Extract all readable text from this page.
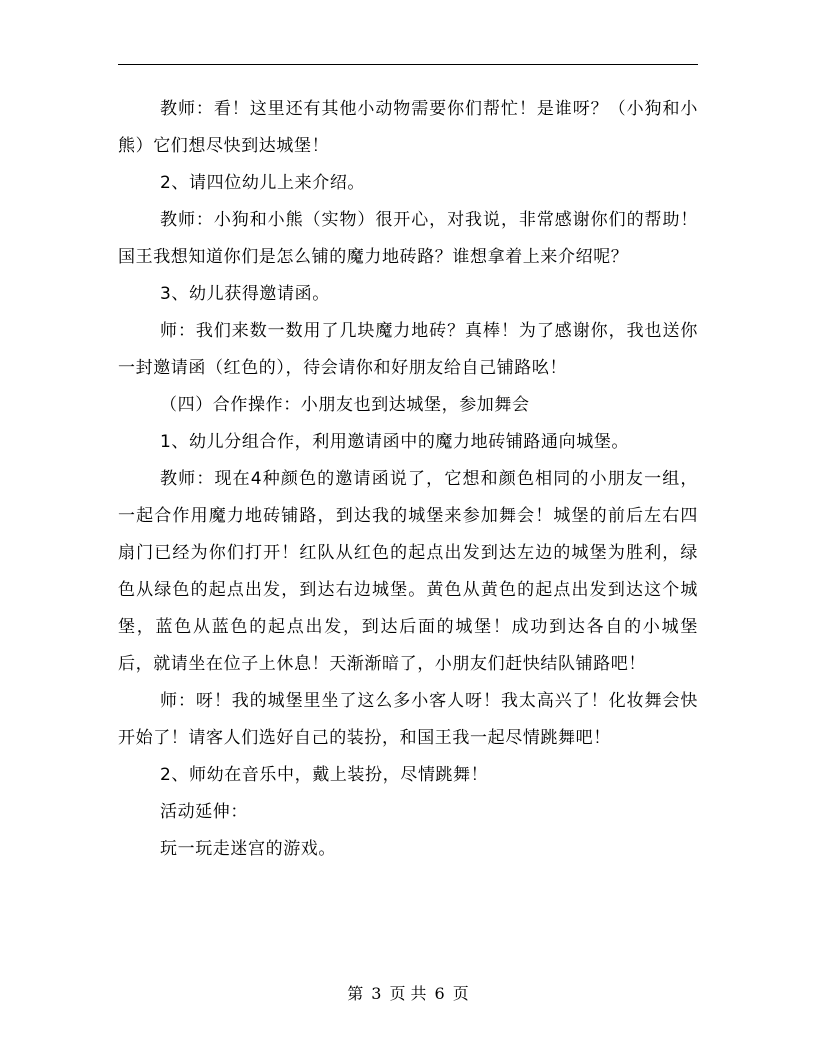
教师：看！这里还有其他小动物需要你们帮忙！是谁呀？（小狗和小熊）它们想尽快到达城堡！

2、请四位幼儿上来介绍。

教师：小狗和小熊（实物）很开心，对我说，非常感谢你们的帮助！国王我想知道你们是怎么铺的魔力地砖路？谁想拿着上来介绍呢？

3、幼儿获得邀请函。

师：我们来数一数用了几块魔力地砖？真棒！为了感谢你，我也送你一封邀请函（红色的），待会请你和好朋友给自己铺路吆！

（四）合作操作：小朋友也到达城堡，参加舞会

1、幼儿分组合作，利用邀请函中的魔力地砖铺路通向城堡。

教师：现在4种颜色的邀请函说了，它想和颜色相同的小朋友一组，一起合作用魔力地砖铺路，到达我的城堡来参加舞会！城堡的前后左右四扇门已经为你们打开！红队从红色的起点出发到达左边的城堡为胜利，绿色从绿色的起点出发，到达右边城堡。黄色从黄色的起点出发到达这个城堡，蓝色从蓝色的起点出发，到达后面的城堡！成功到达各自的小城堡后，就请坐在位子上休息！天渐渐暗了，小朋友们赶快结队铺路吧！

师：呀！我的城堡里坐了这么多小客人呀！我太高兴了！化妆舞会快开始了！请客人们选好自己的装扮，和国王我一起尽情跳舞吧！

2、师幼在音乐中，戴上装扮，尽情跳舞！

活动延伸：

玩一玩走迷宫的游戏。

第 3 页 共 6 页
